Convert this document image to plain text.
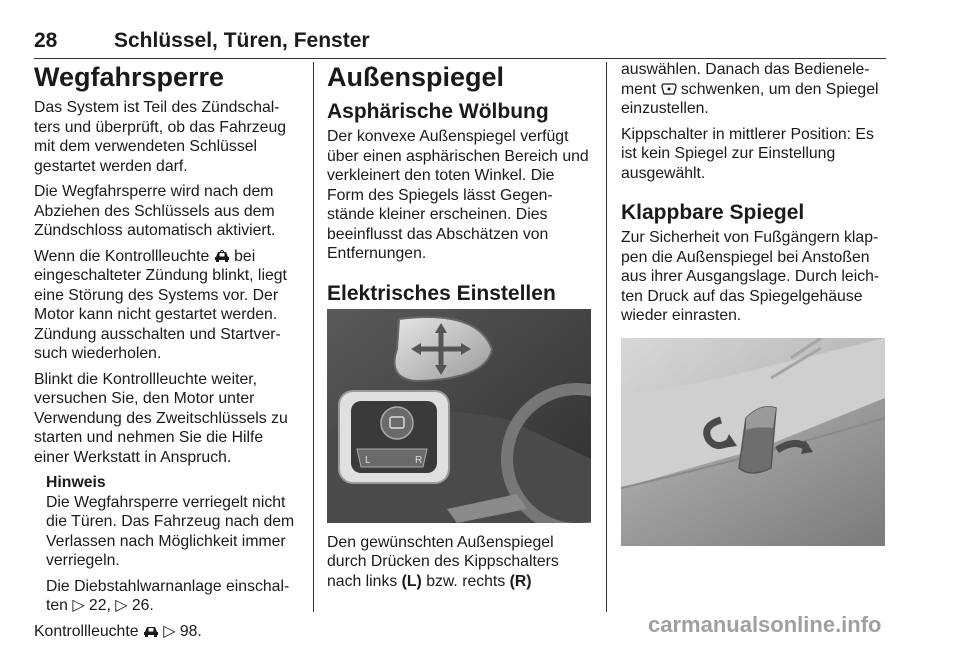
28	Schlüssel, Türen, Fenster
Wegfahrsperre

Das System ist Teil des Zündschalters und überprüft, ob das Fahrzeug mit dem verwendeten Schlüssel gestartet werden darf.

Die Wegfahrsperre wird nach dem Abziehen des Schlüssels aus dem Zündschloss automatisch aktiviert.

Wenn die Kontrollleuchte bei eingeschalteter Zündung blinkt, liegt eine Störung des Systems vor. Der Motor kann nicht gestartet werden. Zündung ausschalten und Startversuch wiederholen.

Blinkt die Kontrollleuchte weiter, versuchen Sie, den Motor unter Verwendung des Zweitschlüssels zu starten und nehmen Sie die Hilfe einer Werkstatt in Anspruch.

Hinweis

Die Wegfahrsperre verriegelt nicht die Türen. Das Fahrzeug nach dem Verlassen nach Möglichkeit immer verriegeln.

Die Diebstahlwarnanlage einschalten ▷ 22, ▷ 26.

Kontrollleuchte ▷ 98.

Außenspiegel
Asphärische Wölbung

Der konvexe Außenspiegel verfügt über einen asphärischen Bereich und verkleinert den toten Winkel. Die Form des Spiegels lässt Gegenstände kleiner erscheinen. Dies beeinflusst das Abschätzen von Entfernungen.

Elektrisches Einstellen
L	R

Den gewünschten Außenspiegel durch Drücken des Kippschalters nach links (L) bzw. rechts (R)

auswählen. Danach das Bedienelement schwenken, um den Spiegel einzustellen.

Kippschalter in mittlerer Position: Es ist kein Spiegel zur Einstellung ausgewählt.

Klappbare Spiegel

Zur Sicherheit von Fußgängern klappen die Außenspiegel bei Anstoßen aus ihrer Ausgangslage. Durch leichten Druck auf das Spiegelgehäuse wieder einrasten.

carmanualsonline.info
